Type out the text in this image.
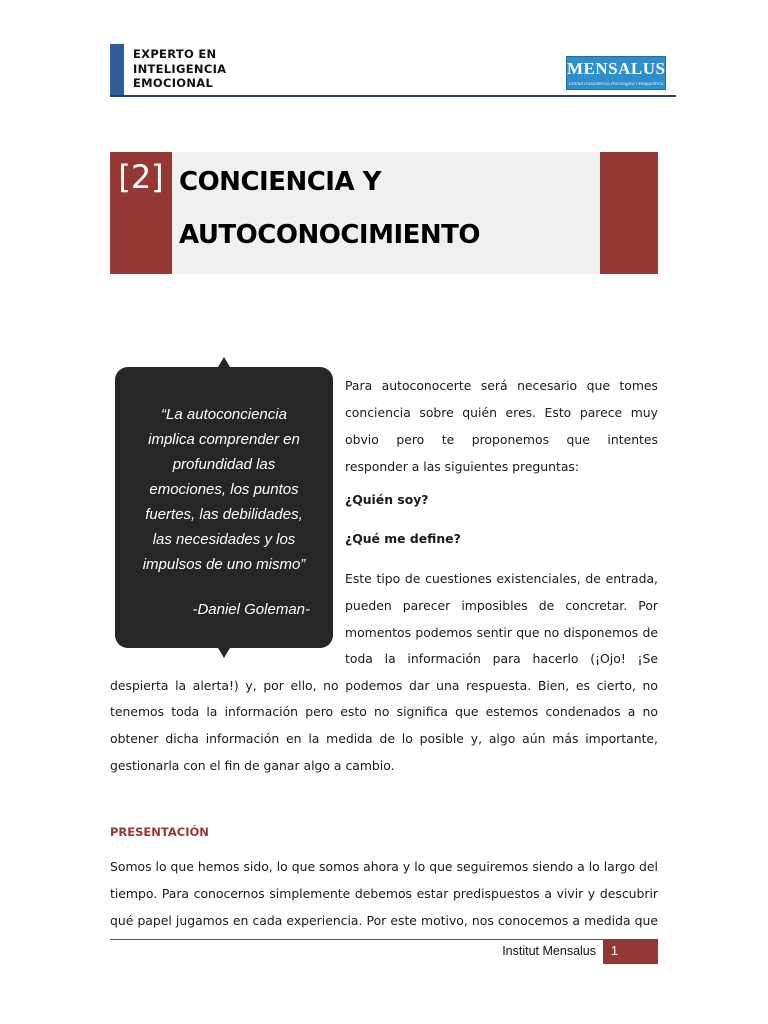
EXPERTO EN
INTELIGENCIA
EMOCIONAL
MENSALUS
Institut d'assistència Psicològica i Psiquiàtrica
[2] CONCIENCIA Y
AUTOCONOCIMIENTO
“La autoconciencia
implica comprender en
profundidad las
emociones, los puntos
fuertes, las debilidades,
las necesidades y los
impulsos de uno mismo”
-Daniel Goleman-
Para autoconocerte será necesario que tomes
conciencia sobre quién eres. Esto parece muy
obvio pero te proponemos que intentes
responder a las siguientes preguntas:
¿Quién soy?
¿Qué me define?
Este tipo de cuestiones existenciales, de entrada,
pueden parecer imposibles de concretar. Por
momentos podemos sentir que no disponemos de
toda la información para hacerlo (¡Ojo! ¡Se
despierta la alerta!) y, por ello, no podemos dar una respuesta. Bien, es cierto, no
tenemos toda la información pero esto no significa que estemos condenados a no
obtener dicha información en la medida de lo posible y, algo aún más importante,
gestionarla con el fin de ganar algo a cambio.
PRESENTACIÓN
Somos lo que hemos sido, lo que somos ahora y lo que seguiremos siendo a lo largo del
tiempo. Para conocernos simplemente debemos estar predispuestos a vivir y descubrir
qué papel jugamos en cada experiencia. Por este motivo, nos conocemos a medida que
Institut Mensalus 1
